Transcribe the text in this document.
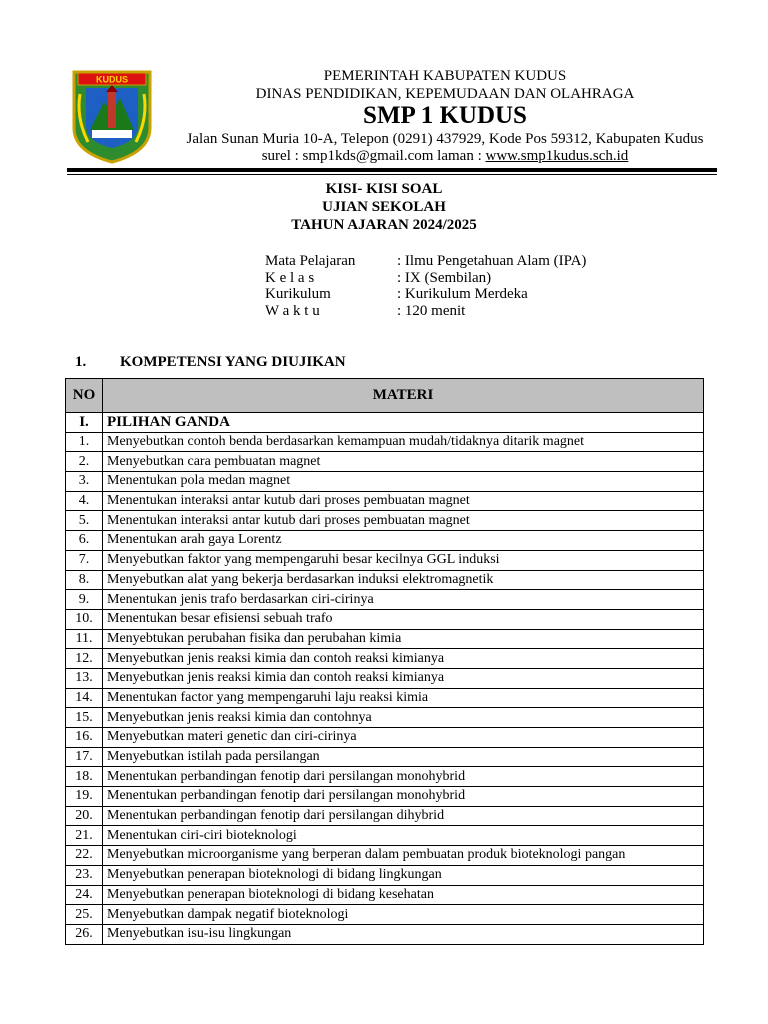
KUDUS	PEMERINTAH KABUPATEN KUDUS
DINAS PENDIDIKAN, KEPEMUDAAN DAN OLAHRAGA
SMP 1 KUDUS
Jalan Sunan Muria 10-A, Telepon (0291) 437929, Kode Pos 59312, Kabupaten Kudus
surel : smp1kds@gmail.com laman : www.smp1kudus.sch.id
KISI- KISI SOAL
UJIAN SEKOLAH
TAHUN AJARAN 2024/2025
Mata Pelajaran	: Ilmu Pengetahuan Alam (IPA)
K e l a s	: IX (Sembilan)
Kurikulum	: Kurikulum Merdeka
W a k t u	: 120 menit
1. KOMPETENSI YANG DIUJIKAN
NO	MATERI
I.	PILIHAN GANDA
1.	Menyebutkan contoh benda berdasarkan kemampuan mudah/tidaknya ditarik magnet
2.	Menyebutkan cara pembuatan magnet
3.	Menentukan pola medan magnet
4.	Menentukan interaksi antar kutub dari proses pembuatan magnet
5.	Menentukan interaksi antar kutub dari proses pembuatan magnet
6.	Menentukan arah gaya Lorentz
7.	Menyebutkan faktor yang mempengaruhi besar kecilnya GGL induksi
8.	Menyebutkan alat yang bekerja berdasarkan induksi elektromagnetik
9.	Menentukan jenis trafo berdasarkan ciri-cirinya
10.	Menentukan besar efisiensi sebuah trafo
11.	Menyebtukan perubahan fisika dan perubahan kimia
12.	Menyebutkan jenis reaksi kimia dan contoh reaksi kimianya
13.	Menyebutkan jenis reaksi kimia dan contoh reaksi kimianya
14.	Menentukan factor yang mempengaruhi laju reaksi kimia
15.	Menyebutkan jenis reaksi kimia dan contohnya
16.	Menyebutkan materi genetic dan ciri-cirinya
17.	Menyebutkan istilah pada persilangan
18.	Menentukan perbandingan fenotip dari persilangan monohybrid
19.	Menentukan perbandingan fenotip dari persilangan monohybrid
20.	Menentukan perbandingan fenotip dari persilangan dihybrid
21.	Menentukan ciri-ciri bioteknologi
22.	Menyebutkan microorganisme yang berperan dalam pembuatan produk bioteknologi pangan
23.	Menyebutkan penerapan bioteknologi di bidang lingkungan
24.	Menyebutkan penerapan bioteknologi di bidang kesehatan
25.	Menyebutkan dampak negatif bioteknologi
26.	Menyebutkan isu-isu lingkungan
